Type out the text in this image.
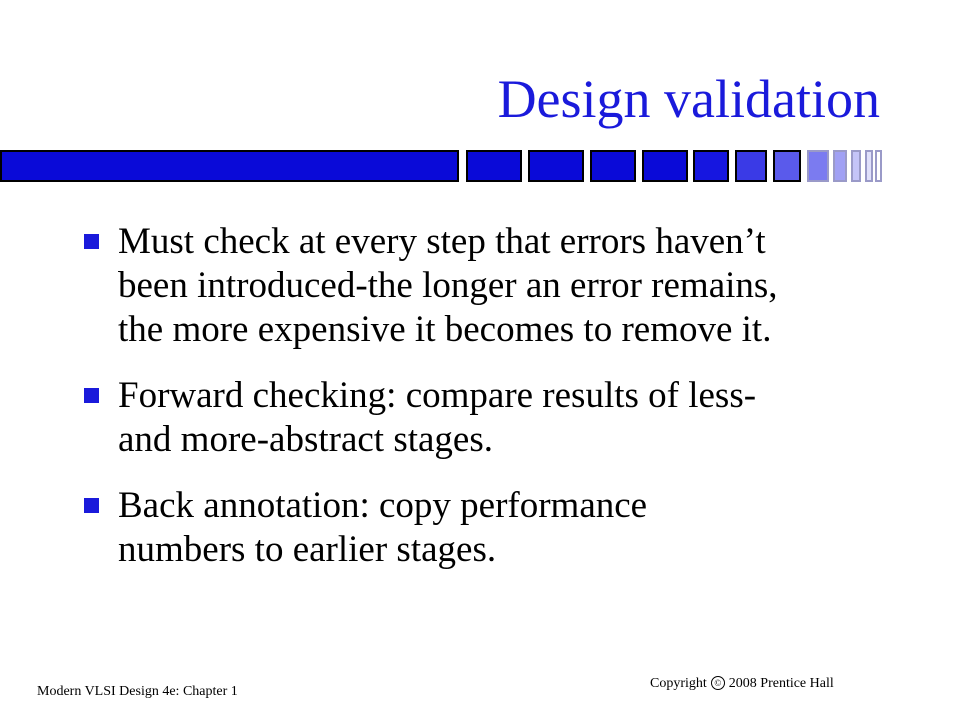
Design validation
Must check at every step that errors haven’t
been introduced-the longer an error remains,
the more expensive it becomes to remove it.
Forward checking: compare results of less-
and more-abstract stages.
Back annotation: copy performance
numbers to earlier stages.
Modern VLSI Design 4e: Chapter 1
Copyright © 2008 Prentice Hall
